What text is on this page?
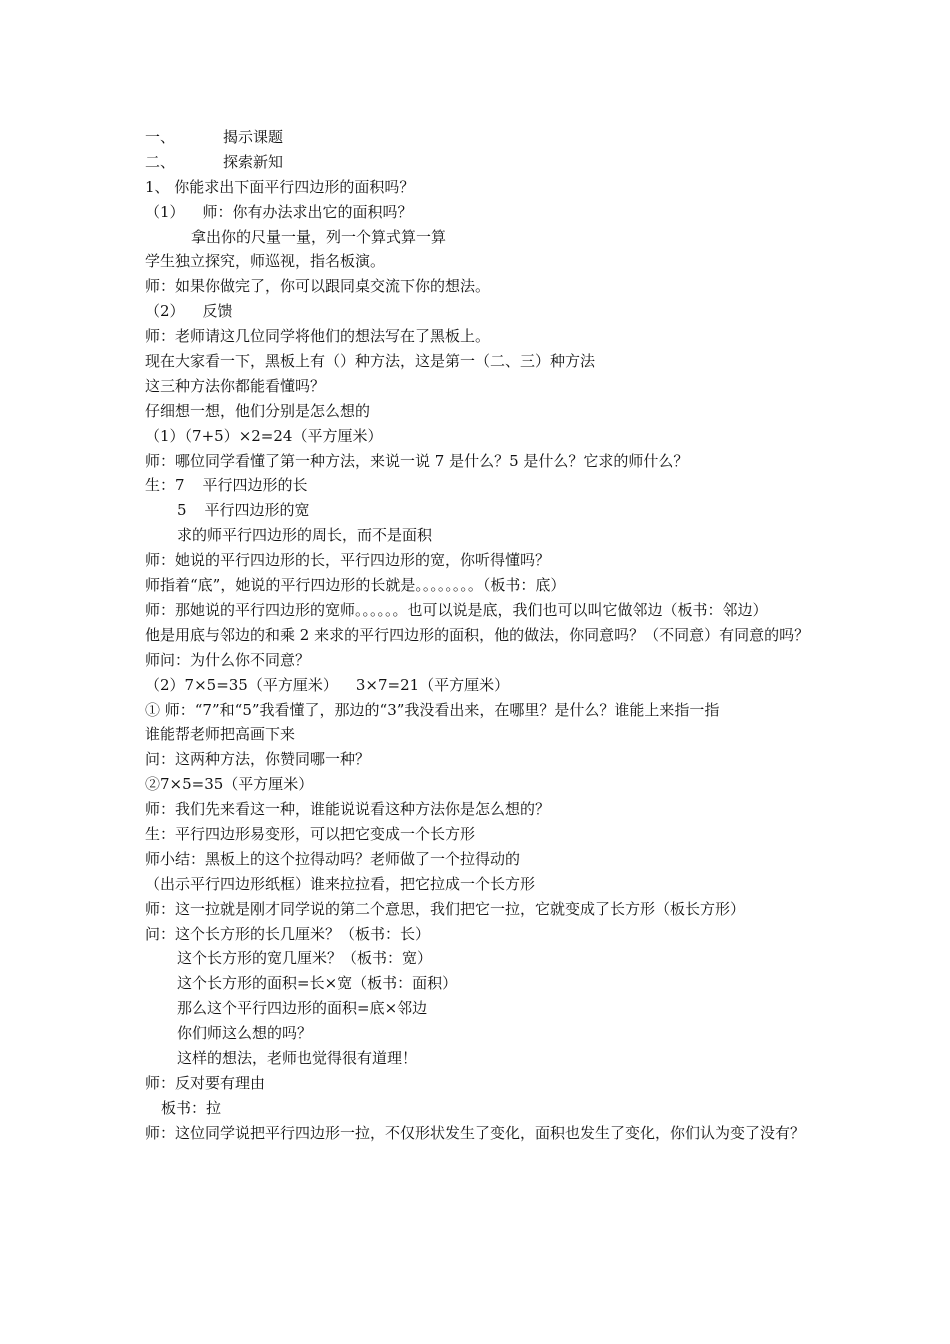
一、	揭示课题
二、	探索新知
1、 你能求出下面平行四边形的面积吗？
（1） 师：你有办法求出它的面积吗？
拿出你的尺量一量，列一个算式算一算
学生独立探究，师巡视，指名板演。
师：如果你做完了，你可以跟同桌交流下你的想法。
（2） 反馈
师：老师请这几位同学将他们的想法写在了黑板上。
现在大家看一下，黑板上有（）种方法，这是第一（二、三）种方法
这三种方法你都能看懂吗？
仔细想一想，他们分别是怎么想的
（1）（7+5）×2=24（平方厘米）
师：哪位同学看懂了第一种方法，来说一说 7 是什么？5 是什么？它求的师什么？
生：7 平行四边形的长
5 平行四边形的宽
求的师平行四边形的周长，而不是面积
师：她说的平行四边形的长，平行四边形的宽，你听得懂吗？
师指着“底”，她说的平行四边形的长就是。。。。。。。。（板书：底）
师：那她说的平行四边形的宽师。。。。。。也可以说是底，我们也可以叫它做邻边（板书：邻边）
他是用底与邻边的和乘 2 来求的平行四边形的面积，他的做法，你同意吗？（不同意）有同意的吗？
师问：为什么你不同意？
（2）7×5=35（平方厘米） 3×7=21（平方厘米）
① 师：“7”和“5”我看懂了，那边的“3”我没看出来，在哪里？是什么？谁能上来指一指
谁能帮老师把高画下来
问：这两种方法，你赞同哪一种？
②7×5=35（平方厘米）
师：我们先来看这一种，谁能说说看这种方法你是怎么想的？
生：平行四边形易变形，可以把它变成一个长方形
师小结：黑板上的这个拉得动吗？老师做了一个拉得动的
（出示平行四边形纸框）谁来拉拉看，把它拉成一个长方形
师：这一拉就是刚才同学说的第二个意思，我们把它一拉，它就变成了长方形（板长方形）
问：这个长方形的长几厘米？（板书：长）
这个长方形的宽几厘米？（板书：宽）
这个长方形的面积=长×宽（板书：面积）
那么这个平行四边形的面积=底×邻边
你们师这么想的吗？
这样的想法，老师也觉得很有道理！
师：反对要有理由
板书：拉
师：这位同学说把平行四边形一拉，不仅形状发生了变化，面积也发生了变化，你们认为变了没有？
